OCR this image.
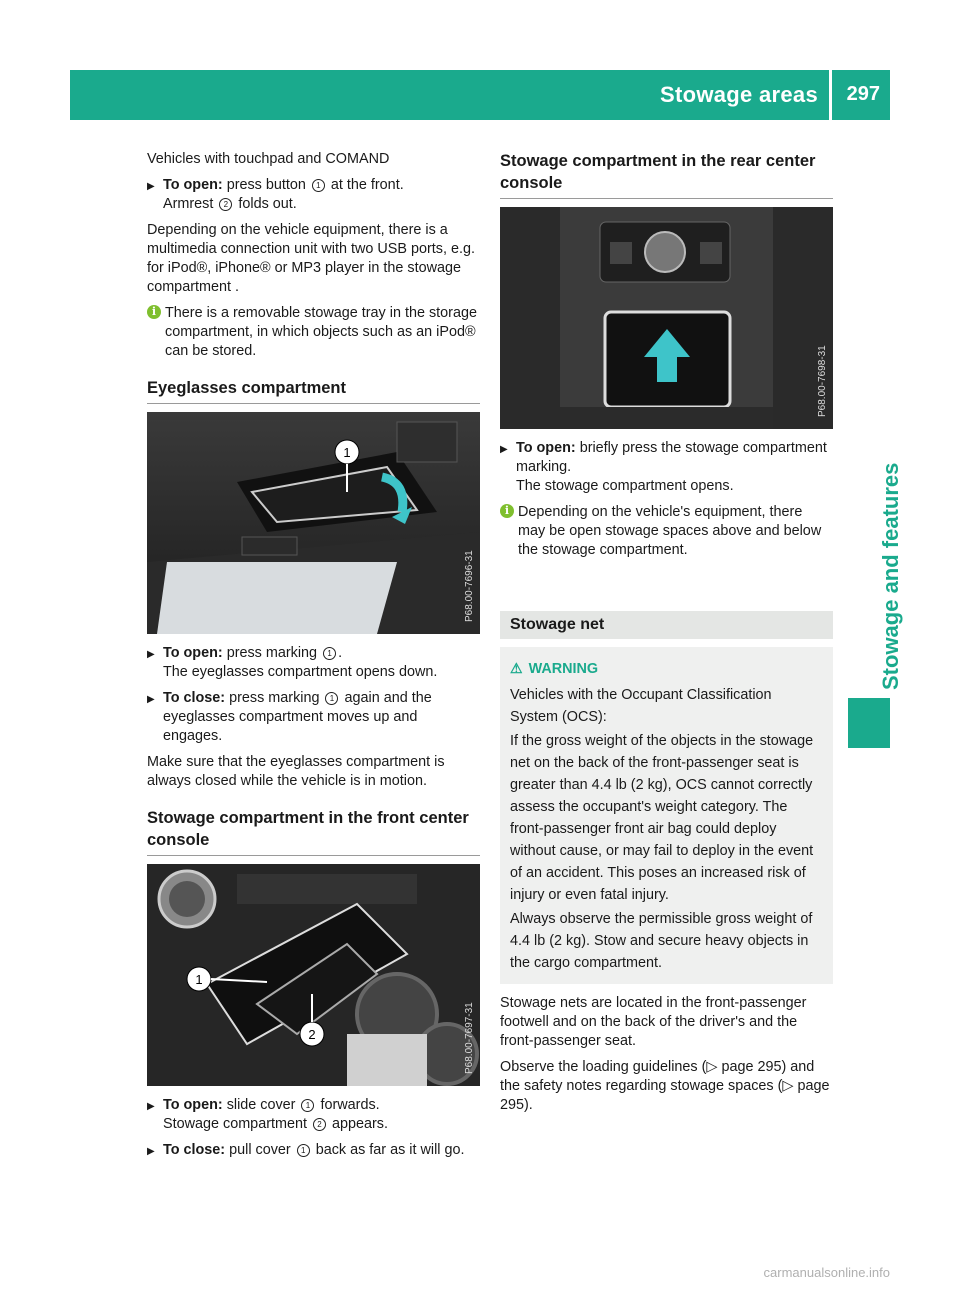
Stowage areas 297
Stowage and features

Vehicles with touchpad and COMAND

▶ To open: press button 1 at the front.
Armrest 2 folds out.

Depending on the vehicle equipment, there is a multimedia connection unit with two USB ports, e.g. for iPod®, iPhone® or MP3 player in the stowage compartment .

i There is a removable stowage tray in the storage compartment, in which objects such as an iPod® can be stored.
Eyeglasses compartment
1
P68.00-7696-31
▶ To open: press marking 1 .
The eyeglasses compartment opens down.
▶ To close: press marking 1 again and the eyeglasses compartment moves up and engages.

Make sure that the eyeglasses compartment is always closed while the vehicle is in motion.

Stowage compartment in the front center console
1
2	P68.00-7697-31
▶ To open: slide cover 1 forwards.
Stowage compartment 2 appears.
▶ To close: pull cover 1 back as far as it will go.
Stowage compartment in the rear center console
P68.00-7698-31
▶ To open: briefly press the stowage compartment marking.
The stowage compartment opens.
i Depending on the vehicle's equipment, there may be open stowage spaces above and below the stowage compartment.
Stowage net
⚠ WARNING

Vehicles with the Occupant Classification System (OCS):

If the gross weight of the objects in the stowage net on the back of the front-passenger seat is greater than 4.4 lb (2 kg), OCS cannot correctly assess the occupant's weight category. The front-passenger front air bag could deploy without cause, or may fail to deploy in the event of an accident. This poses an increased risk of injury or even fatal injury.

Always observe the permissible gross weight of 4.4 lb (2 kg). Stow and secure heavy objects in the cargo compartment.

Stowage nets are located in the front-passenger footwell and on the back of the driver's and the front-passenger seat.

Observe the loading guidelines (▷ page 295) and the safety notes regarding stowage spaces (▷ page 295).

carmanualsonline.info
